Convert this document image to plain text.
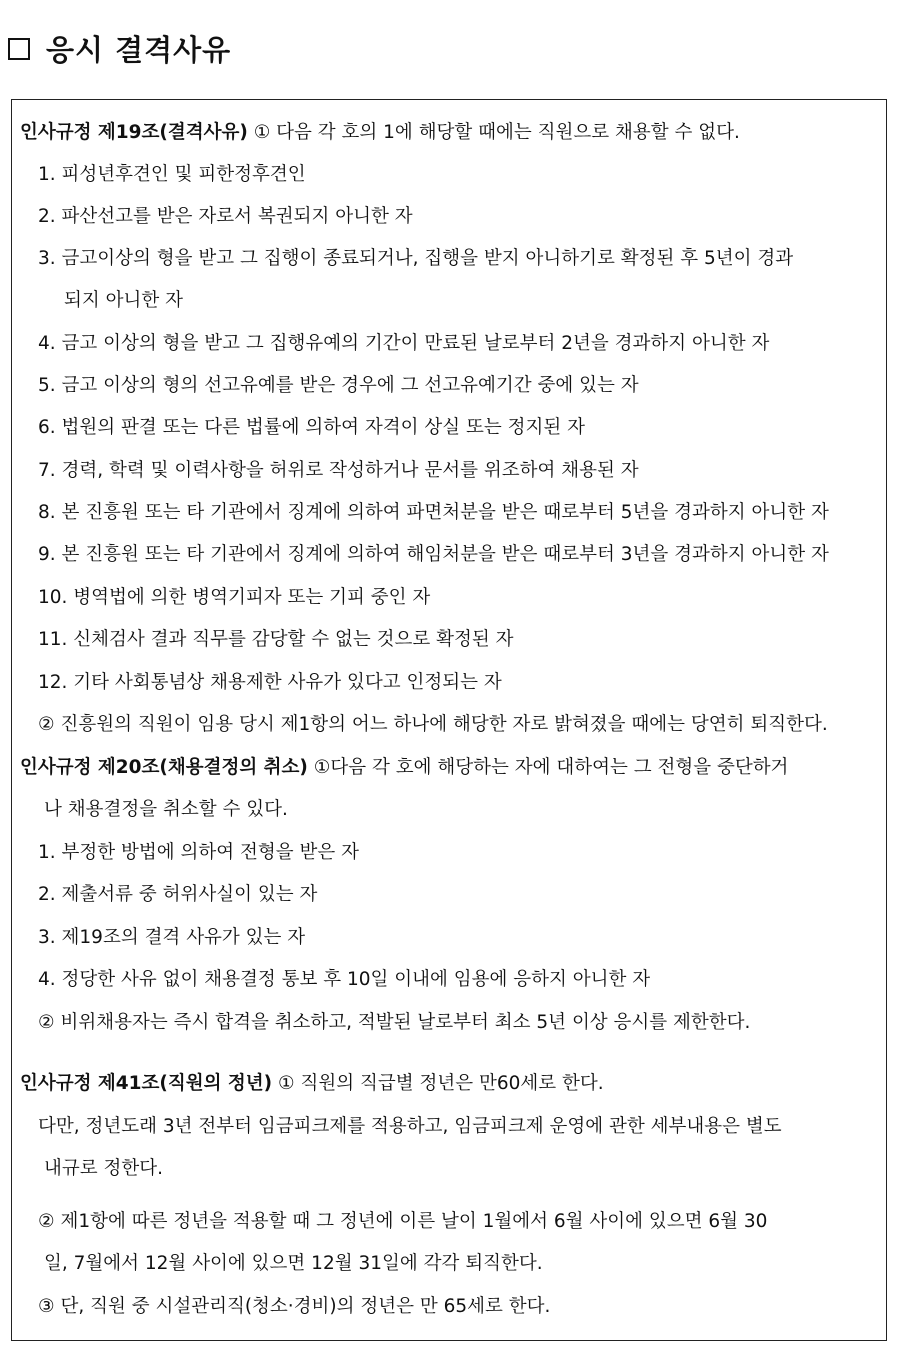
응시 결격사유
인사규정 제19조(결격사유) ① 다음 각 호의 1에 해당할 때에는 직원으로 채용할 수 없다.
1. 피성년후견인 및 피한정후견인
2. 파산선고를 받은 자로서 복권되지 아니한 자
3. 금고이상의 형을 받고 그 집행이 종료되거나, 집행을 받지 아니하기로 확정된 후 5년이 경과
되지 아니한 자
4. 금고 이상의 형을 받고 그 집행유예의 기간이 만료된 날로부터 2년을 경과하지 아니한 자
5. 금고 이상의 형의 선고유예를 받은 경우에 그 선고유예기간 중에 있는 자
6. 법원의 판결 또는 다른 법률에 의하여 자격이 상실 또는 정지된 자
7. 경력, 학력 및 이력사항을 허위로 작성하거나 문서를 위조하여 채용된 자
8. 본 진흥원 또는 타 기관에서 징계에 의하여 파면처분을 받은 때로부터 5년을 경과하지 아니한 자
9. 본 진흥원 또는 타 기관에서 징계에 의하여 해임처분을 받은 때로부터 3년을 경과하지 아니한 자
10. 병역법에 의한 병역기피자 또는 기피 중인 자
11. 신체검사 결과 직무를 감당할 수 없는 것으로 확정된 자
12. 기타 사회통념상 채용제한 사유가 있다고 인정되는 자
② 진흥원의 직원이 임용 당시 제1항의 어느 하나에 해당한 자로 밝혀졌을 때에는 당연히 퇴직한다.
인사규정 제20조(채용결정의 취소) ①다음 각 호에 해당하는 자에 대하여는 그 전형을 중단하거
나 채용결정을 취소할 수 있다.
1. 부정한 방법에 의하여 전형을 받은 자
2. 제출서류 중 허위사실이 있는 자
3. 제19조의 결격 사유가 있는 자
4. 정당한 사유 없이 채용결정 통보 후 10일 이내에 임용에 응하지 아니한 자
② 비위채용자는 즉시 합격을 취소하고, 적발된 날로부터 최소 5년 이상 응시를 제한한다.
인사규정 제41조(직원의 정년) ① 직원의 직급별 정년은 만60세로 한다.
다만, 정년도래 3년 전부터 임금피크제를 적용하고, 임금피크제 운영에 관한 세부내용은 별도
내규로 정한다.
② 제1항에 따른 정년을 적용할 때 그 정년에 이른 날이 1월에서 6월 사이에 있으면 6월 30
일, 7월에서 12월 사이에 있으면 12월 31일에 각각 퇴직한다.
③ 단, 직원 중 시설관리직(청소·경비)의 정년은 만 65세로 한다.
